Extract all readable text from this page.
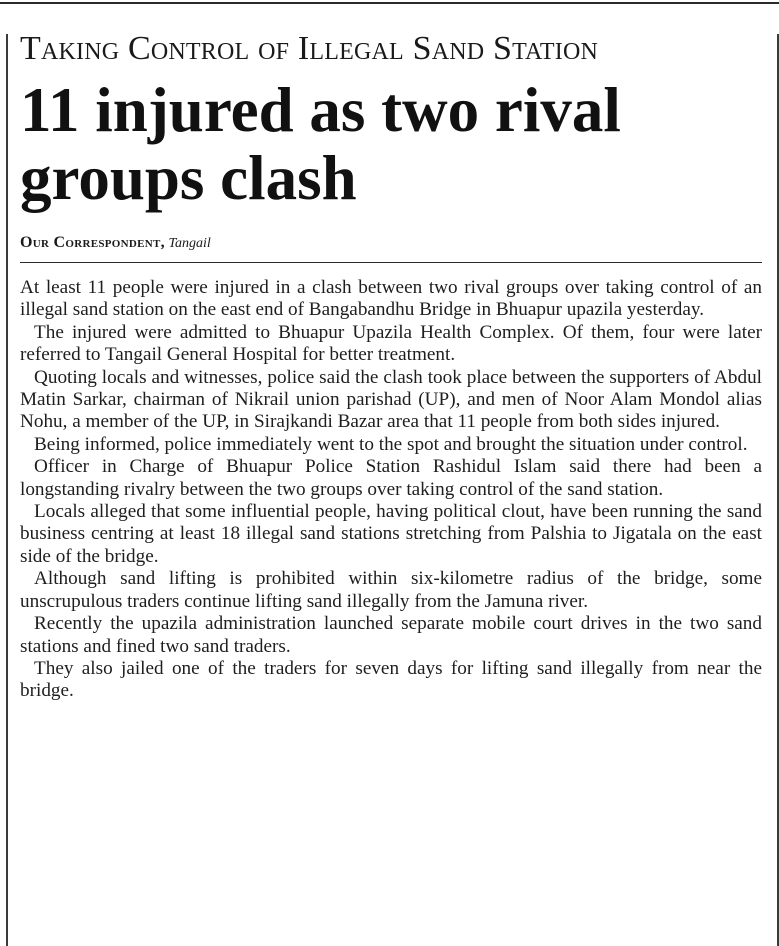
Taking Control of Illegal Sand Station
11 injured as two rival groups clash
Our Correspondent, Tangail

At least 11 people were injured in a clash between two rival groups over taking control of an illegal sand station on the east end of Bangabandhu Bridge in Bhuapur upazila yesterday.

The injured were admitted to Bhuapur Upazila Health Complex. Of them, four were later referred to Tangail General Hospital for better treatment.

Quoting locals and witnesses, police said the clash took place between the supporters of Abdul Matin Sarkar, chairman of Nikrail union parishad (UP), and men of Noor Alam Mondol alias Nohu, a member of the UP, in Sirajkandi Bazar area that 11 people from both sides injured.

Being informed, police immediately went to the spot and brought the situation under control.

Officer in Charge of Bhuapur Police Station Rashidul Islam said there had been a longstanding rivalry between the two groups over taking control of the sand station.

Locals alleged that some influential people, having political clout, have been running the sand business centring at least 18 illegal sand stations stretching from Palshia to Jigatala on the east side of the bridge.

Although sand lifting is prohibited within six-kilometre radius of the bridge, some unscrupulous traders continue lifting sand illegally from the Jamuna river.

Recently the upazila administration launched separate mobile court drives in the two sand stations and fined two sand traders.

They also jailed one of the traders for seven days for lifting sand illegally from near the bridge.
